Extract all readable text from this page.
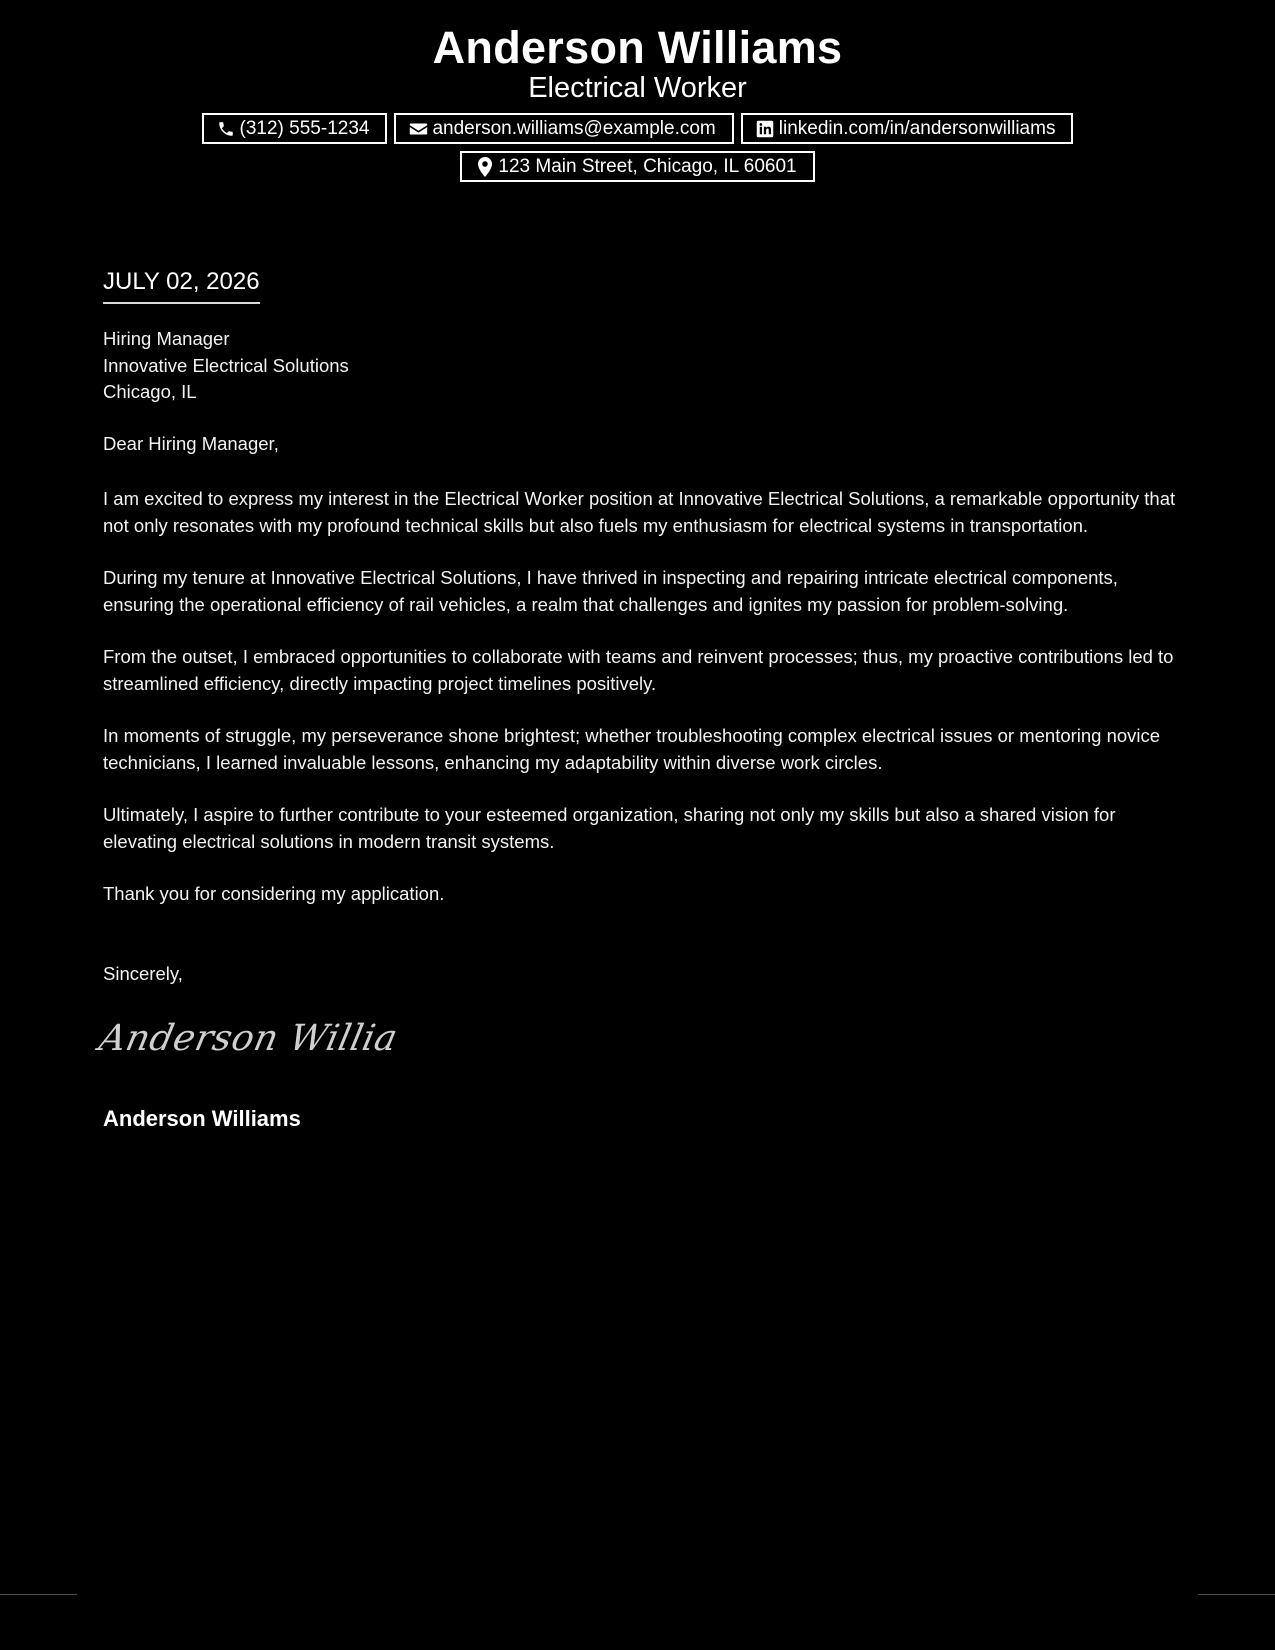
Anderson Williams
Electrical Worker
(312) 555-1234	anderson.williams@example.com	linkedin.com/in/andersonwilliams
123 Main Street, Chicago, IL 60601
JULY 02, 2026
Hiring Manager
Innovative Electrical Solutions
Chicago, IL
Dear Hiring Manager,

I am excited to express my interest in the Electrical Worker position at Innovative Electrical Solutions, a remarkable opportunity that not only resonates with my profound technical skills but also fuels my enthusiasm for electrical systems in transportation.

During my tenure at Innovative Electrical Solutions, I have thrived in inspecting and repairing intricate electrical components, ensuring the operational efficiency of rail vehicles, a realm that challenges and ignites my passion for problem-solving.

From the outset, I embraced opportunities to collaborate with teams and reinvent processes; thus, my proactive contributions led to streamlined efficiency, directly impacting project timelines positively.

In moments of struggle, my perseverance shone brightest; whether troubleshooting complex electrical issues or mentoring novice technicians, I learned invaluable lessons, enhancing my adaptability within diverse work circles.

Ultimately, I aspire to further contribute to your esteemed organization, sharing not only my skills but also a shared vision for elevating electrical solutions in modern transit systems.

Thank you for considering my application.

Sincerely,
Anderson Willia
Anderson Williams
